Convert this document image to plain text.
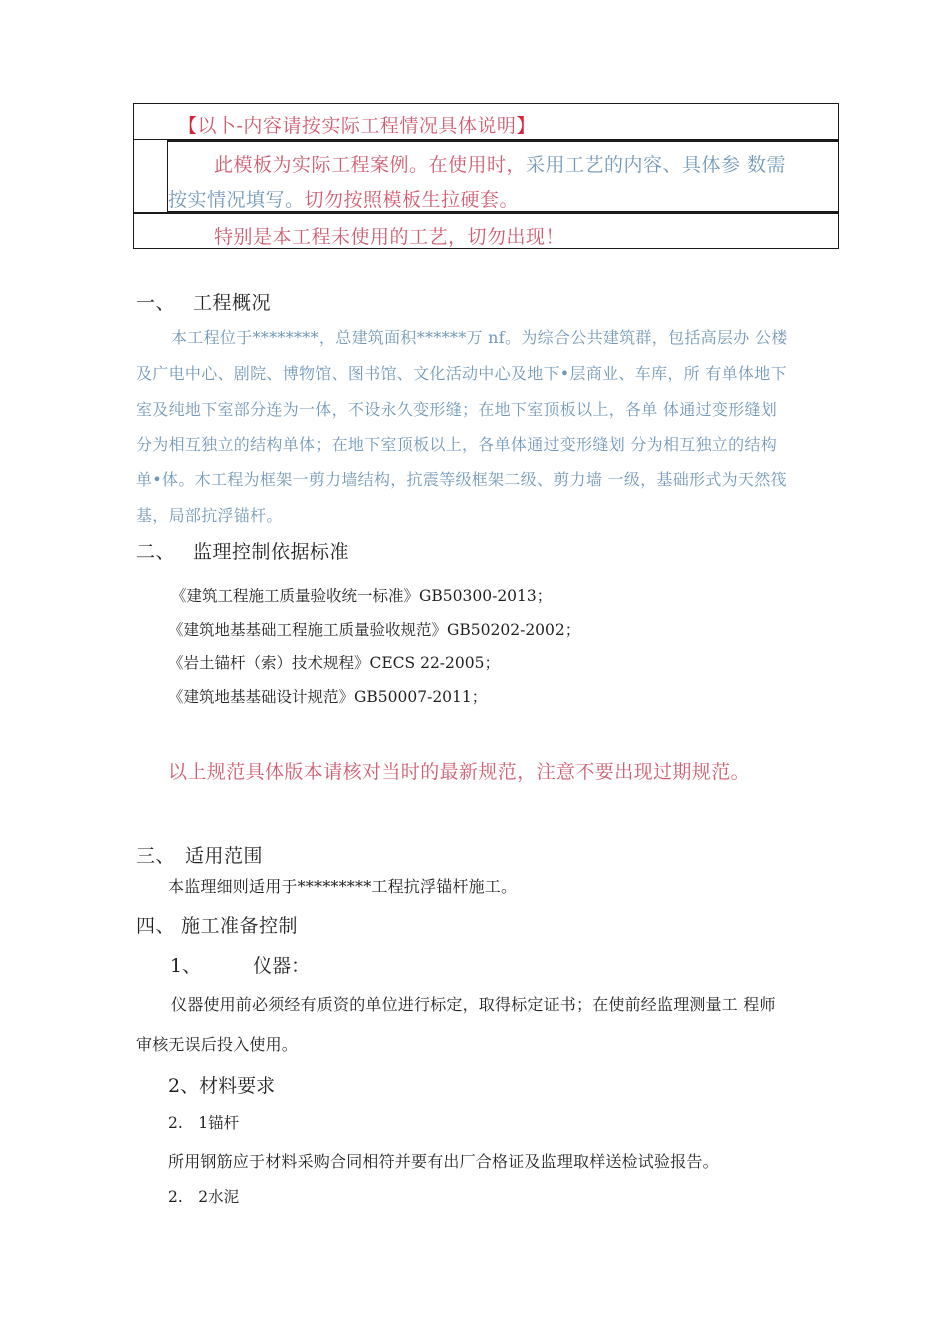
【以卜-内容请按实际工程情况具体说明】
此模板为实际工程案例。在使用时，采用工艺的内容、具体参 数需
按实情况填写。切勿按照模板生拉硬套。
特别是本工程未使用的工艺，切勿出现！
一、 工程概况
本工程位于********，总建筑面积******万 nf。为综合公共建筑群，包括高层办 公楼
及广电中心、剧院、博物馆、图书馆、文化活动中心及地下•层商业、车库，所 有单体地下
室及纯地下室部分连为一体，不设永久变形缝；在地下室顶板以上，各单 体通过变形缝划
分为相互独立的结构单体；在地下室顶板以上，各单体通过变形缝划 分为相互独立的结构
单•体。木工程为框架一剪力墙结构，抗震等级框架二级、剪力墙 一级，基础形式为天然筏
基，局部抗浮锚杆。
二、 监理控制依据标准
《建筑工程施工质量验收统一标准》GB50300-2013；
《建筑地基基础工程施工质量验收规范》GB50202-2002；
《岩土锚杆（索）技术规程》CECS 22-2005；
《建筑地基基础设计规范》GB50007-2011；
以上规范具体版本请核对当时的最新规范，注意不要出现过期规范。
三、 适用范围
本监理细则适用于*********工程抗浮锚杆施工。
四、 施工准备控制
1、	仪器：
仪器使用前必须经有质资的单位进行标定，取得标定证书；在使前经监理测量工 程师
审核无误后投入使用。
2、材料要求
2.　1锚杆
所用钢筋应于材料采购合同相符并要有出厂合格证及监理取样送检试验报告。
2.　2水泥
